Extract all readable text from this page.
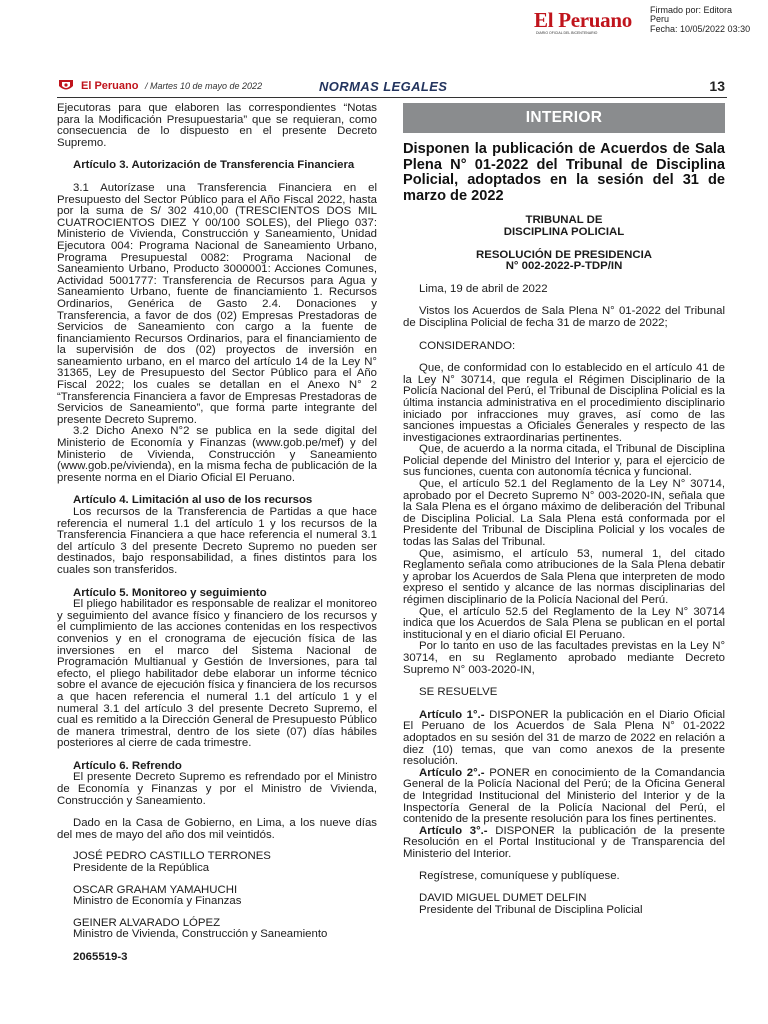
El Peruano
DIARIO OFICIAL DEL BICENTENARIO
Firmado por: Editora
Peru
Fecha: 10/05/2022 03:30
El Peruano / Martes 10 de mayo de 2022	NORMAS LEGALES	13

Ejecutoras para que elaboren las correspondientes “Notas para la Modificación Presupuestaria” que se requieran, como consecuencia de lo dispuesto en el presente Decreto Supremo.

Artículo 3. Autorización de Transferencia Financiera

3.1 Autorízase una Transferencia Financiera en el Presupuesto del Sector Público para el Año Fiscal 2022, hasta por la suma de S/ 302 410,00 (TRESCIENTOS DOS MIL CUATROCIENTOS DIEZ Y 00/100 SOLES), del Pliego 037: Ministerio de Vivienda, Construcción y Saneamiento, Unidad Ejecutora 004: Programa Nacional de Saneamiento Urbano, Programa Presupuestal 0082: Programa Nacional de Saneamiento Urbano, Producto 3000001: Acciones Comunes, Actividad 5001777: Transferencia de Recursos para Agua y Saneamiento Urbano, fuente de financiamiento 1. Recursos Ordinarios, Genérica de Gasto 2.4. Donaciones y Transferencia, a favor de dos (02) Empresas Prestadoras de Servicios de Saneamiento con cargo a la fuente de financiamiento Recursos Ordinarios, para el financiamiento de la supervisión de dos (02) proyectos de inversión en saneamiento urbano, en el marco del artículo 14 de la Ley N° 31365, Ley de Presupuesto del Sector Público para el Año Fiscal 2022; los cuales se detallan en el Anexo N° 2 “Transferencia Financiera a favor de Empresas Prestadoras de Servicios de Saneamiento”, que forma parte integrante del presente Decreto Supremo.

3.2 Dicho Anexo N°2 se publica en la sede digital del Ministerio de Economía y Finanzas (www.gob.pe/mef) y del Ministerio de Vivienda, Construcción y Saneamiento (www.gob.pe/vivienda), en la misma fecha de publicación de la presente norma en el Diario Oficial El Peruano.

Artículo 4. Limitación al uso de los recursos

Los recursos de la Transferencia de Partidas a que hace referencia el numeral 1.1 del artículo 1 y los recursos de la Transferencia Financiera a que hace referencia el numeral 3.1 del artículo 3 del presente Decreto Supremo no pueden ser destinados, bajo responsabilidad, a fines distintos para los cuales son transferidos.

Artículo 5. Monitoreo y seguimiento

El pliego habilitador es responsable de realizar el monitoreo y seguimiento del avance físico y financiero de los recursos y el cumplimiento de las acciones contenidas en los respectivos convenios y en el cronograma de ejecución física de las inversiones en el marco del Sistema Nacional de Programación Multianual y Gestión de Inversiones, para tal efecto, el pliego habilitador debe elaborar un informe técnico sobre el avance de ejecución física y financiera de los recursos a que hacen referencia el numeral 1.1 del artículo 1 y el numeral 3.1 del artículo 3 del presente Decreto Supremo, el cual es remitido a la Dirección General de Presupuesto Público de manera trimestral, dentro de los siete (07) días hábiles posteriores al cierre de cada trimestre.

Artículo 6. Refrendo

El presente Decreto Supremo es refrendado por el Ministro de Economía y Finanzas y por el Ministro de Vivienda, Construcción y Saneamiento.

Dado en la Casa de Gobierno, en Lima, a los nueve días del mes de mayo del año dos mil veintidós.

JOSÉ PEDRO CASTILLO TERRONES

Presidente de la República

OSCAR GRAHAM YAMAHUCHI

Ministro de Economía y Finanzas

GEINER ALVARADO LÓPEZ

Ministro de Vivienda, Construcción y Saneamiento

2065519-3

INTERIOR

Disponen la publicación de Acuerdos de Sala Plena N° 01-2022 del Tribunal de Disciplina Policial, adoptados en la sesión del 31 de marzo de 2022

TRIBUNAL DE

DISCIPLINA POLICIAL

RESOLUCIÓN DE PRESIDENCIA

N° 002-2022-P-TDP/IN

Lima, 19 de abril de 2022

Vistos los Acuerdos de Sala Plena N° 01-2022 del Tribunal de Disciplina Policial de fecha 31 de marzo de 2022;

CONSIDERANDO:

Que, de conformidad con lo establecido en el artículo 41 de la Ley N° 30714, que regula el Régimen Disciplinario de la Policía Nacional del Perú, el Tribunal de Disciplina Policial es la última instancia administrativa en el procedimiento disciplinario iniciado por infracciones muy graves, así como de las sanciones impuestas a Oficiales Generales y respecto de las investigaciones extraordinarias pertinentes.

Que, de acuerdo a la norma citada, el Tribunal de Disciplina Policial depende del Ministro del Interior y, para el ejercicio de sus funciones, cuenta con autonomía técnica y funcional.

Que, el artículo 52.1 del Reglamento de la Ley N° 30714, aprobado por el Decreto Supremo N° 003-2020-IN, señala que la Sala Plena es el órgano máximo de deliberación del Tribunal de Disciplina Policial. La Sala Plena está conformada por el Presidente del Tribunal de Disciplina Policial y los vocales de todas las Salas del Tribunal.

Que, asimismo, el artículo 53, numeral 1, del citado Reglamento señala como atribuciones de la Sala Plena debatir y aprobar los Acuerdos de Sala Plena que interpreten de modo expreso el sentido y alcance de las normas disciplinarias del régimen disciplinario de la Policía Nacional del Perú.

Que, el artículo 52.5 del Reglamento de la Ley N° 30714 indica que los Acuerdos de Sala Plena se publican en el portal institucional y en el diario oficial El Peruano.

Por lo tanto en uso de las facultades previstas en la Ley N° 30714, en su Reglamento aprobado mediante Decreto Supremo N° 003-2020-IN,

SE RESUELVE

Artículo 1°.- DISPONER la publicación en el Diario Oficial El Peruano de los Acuerdos de Sala Plena N° 01-2022 adoptados en su sesión del 31 de marzo de 2022 en relación a diez (10) temas, que van como anexos de la presente resolución.

Artículo 2°.- PONER en conocimiento de la Comandancia General de la Policía Nacional del Perú; de la Oficina General de Integridad Institucional del Ministerio del Interior y de la Inspectoría General de la Policía Nacional del Perú, el contenido de la presente resolución para los fines pertinentes.

Artículo 3°.- DISPONER la publicación de la presente Resolución en el Portal Institucional y de Transparencia del Ministerio del Interior.

Regístrese, comuníquese y publíquese.

DAVID MIGUEL DUMET DELFIN

Presidente del Tribunal de Disciplina Policial
